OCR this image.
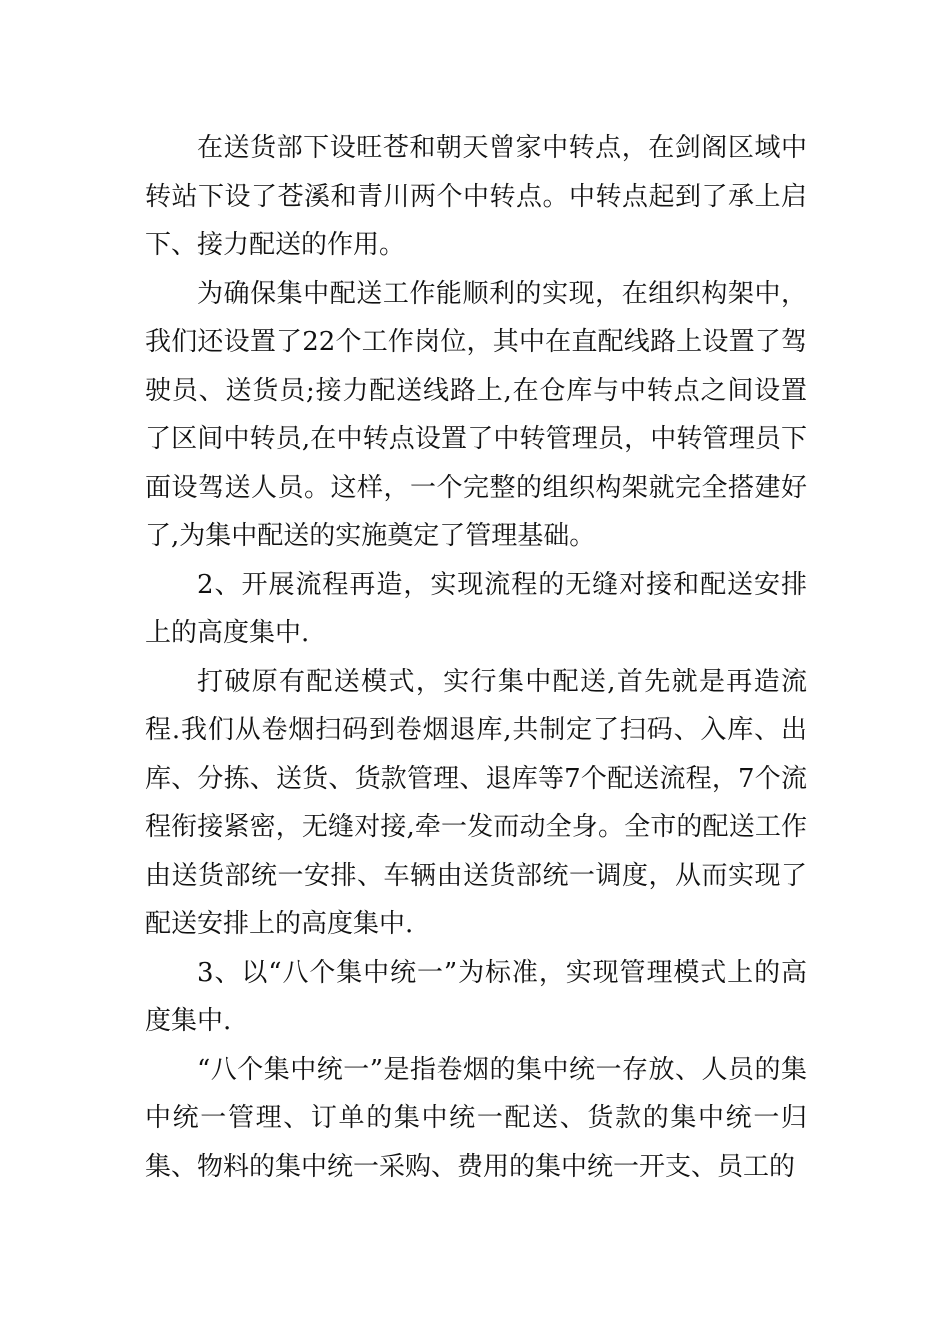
在送货部下设旺苍和朝天曾家中转点，在剑阁区域中转站下设了苍溪和青川两个中转点。中转点起到了承上启下、接力配送的作用。

为确保集中配送工作能顺利的实现，在组织构架中，我们还设置了22个工作岗位，其中在直配线路上设置了驾驶员、送货员;接力配送线路上,在仓库与中转点之间设置了区间中转员,在中转点设置了中转管理员，中转管理员下面设驾送人员。这样，一个完整的组织构架就完全搭建好了,为集中配送的实施奠定了管理基础。

2、开展流程再造，实现流程的无缝对接和配送安排上的高度集中.

打破原有配送模式，实行集中配送,首先就是再造流程.我们从卷烟扫码到卷烟退库,共制定了扫码、入库、出库、分拣、送货、货款管理、退库等7个配送流程，7个流程衔接紧密，无缝对接,牵一发而动全身。全市的配送工作由送货部统一安排、车辆由送货部统一调度，从而实现了配送安排上的高度集中.

3、以“八个集中统一”为标准，实现管理模式上的高度集中.

“八个集中统一”是指卷烟的集中统一存放、人员的集中统一管理、订单的集中统一配送、货款的集中统一归集、物料的集中统一采购、费用的集中统一开支、员工的
